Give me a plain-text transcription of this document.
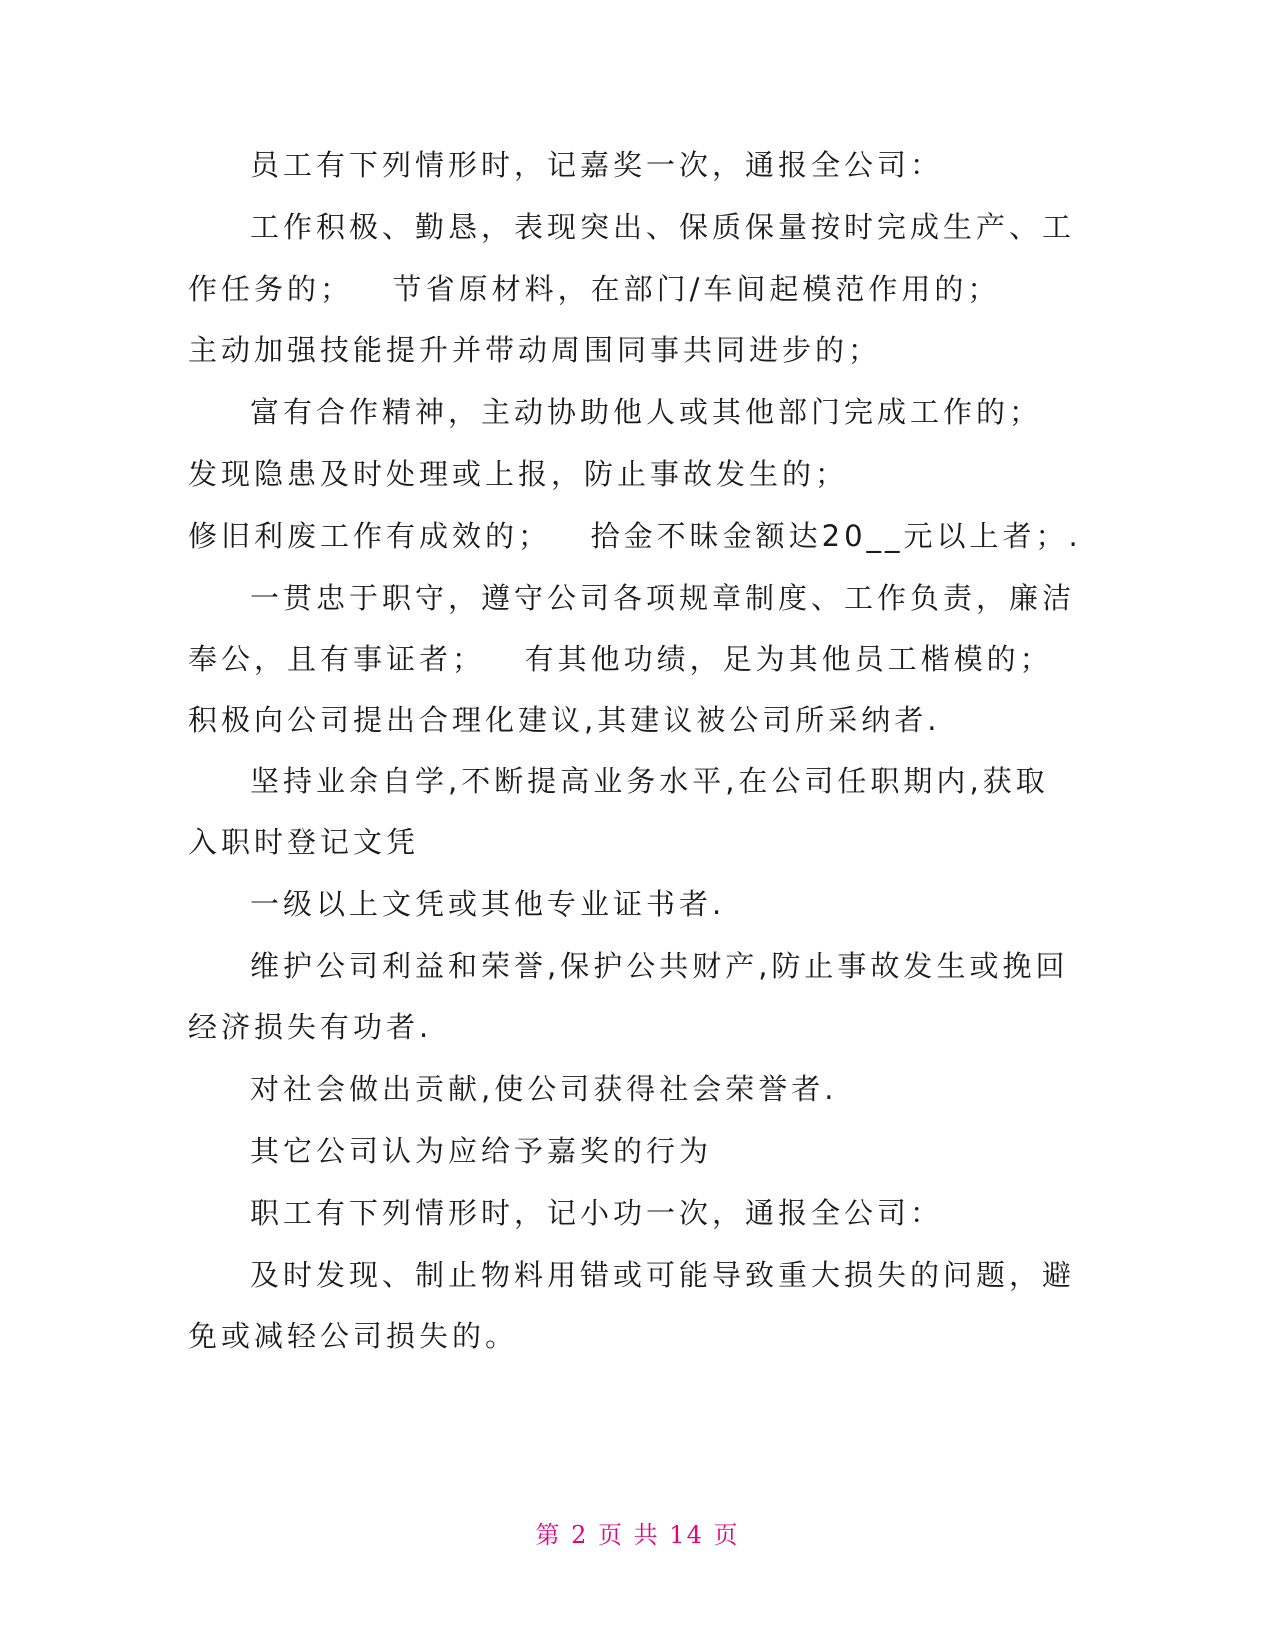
员工有下列情形时，记嘉奖一次，通报全公司：
工作积极、勤恳，表现突出、保质保量按时完成生产、工
作任务的；   节省原材料，在部门/车间起模范作用的；
主动加强技能提升并带动周围同事共同进步的；
富有合作精神，主动协助他人或其他部门完成工作的；
发现隐患及时处理或上报，防止事故发生的；
修旧利废工作有成效的；   拾金不昧金额达20__元以上者；.
一贯忠于职守，遵守公司各项规章制度、工作负责，廉洁
奉公，且有事证者；   有其他功绩，足为其他员工楷模的；
积极向公司提出合理化建议,其建议被公司所采纳者.
坚持业余自学,不断提高业务水平,在公司任职期内,获取
入职时登记文凭
一级以上文凭或其他专业证书者.
维护公司利益和荣誉,保护公共财产,防止事故发生或挽回
经济损失有功者.
对社会做出贡献,使公司获得社会荣誉者.
其它公司认为应给予嘉奖的行为
职工有下列情形时，记小功一次，通报全公司：
及时发现、制止物料用错或可能导致重大损失的问题，避
免或减轻公司损失的。
第 2 页 共 14 页
